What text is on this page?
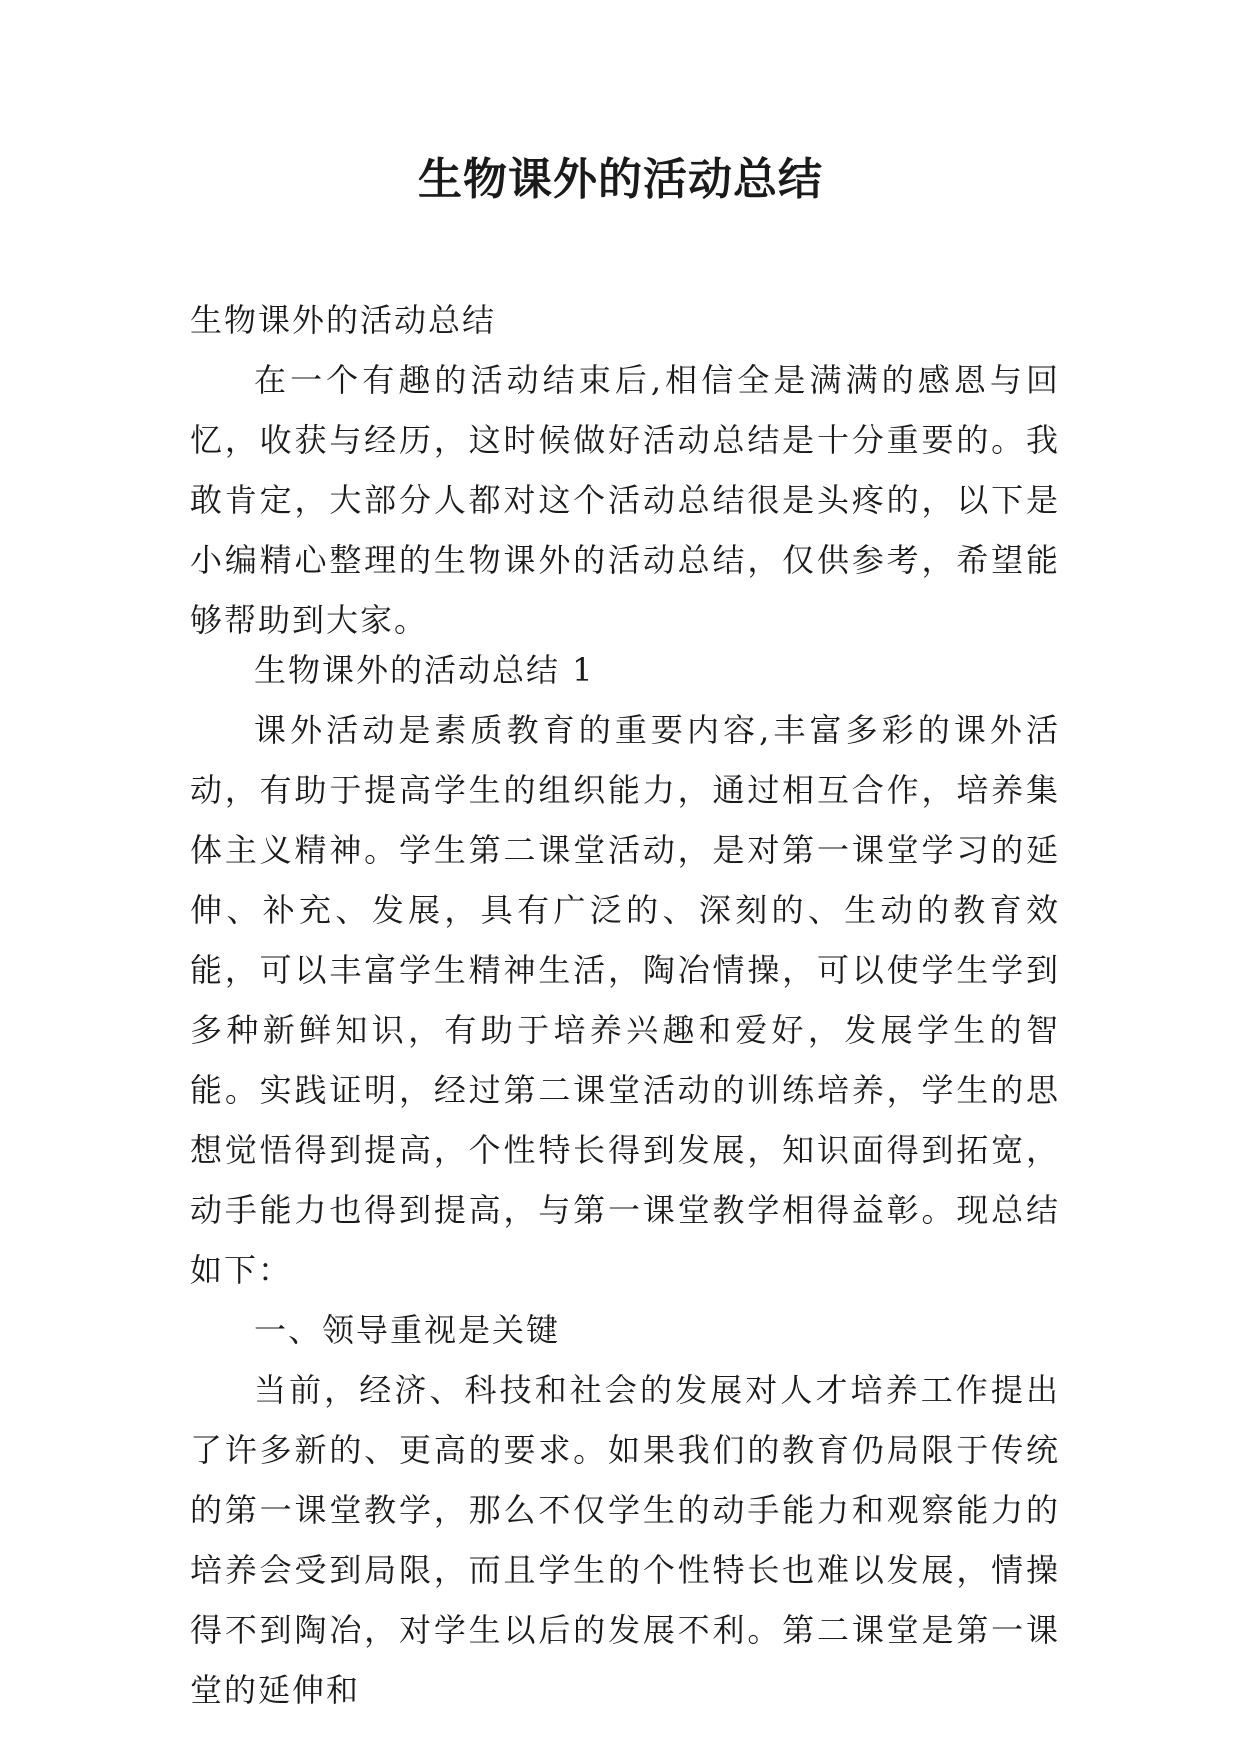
生物课外的活动总结

生物课外的活动总结

在一个有趣的活动结束后,相信全是满满的感恩与回忆，收获与经历，这时候做好活动总结是十分重要的。我敢肯定，大部分人都对这个活动总结很是头疼的，以下是小编精心整理的生物课外的活动总结，仅供参考，希望能够帮助到大家。

生物课外的活动总结 1

课外活动是素质教育的重要内容,丰富多彩的课外活动，有助于提高学生的组织能力，通过相互合作，培养集体主义精神。学生第二课堂活动，是对第一课堂学习的延伸、补充、发展，具有广泛的、深刻的、生动的教育效能，可以丰富学生精神生活，陶冶情操，可以使学生学到多种新鲜知识，有助于培养兴趣和爱好，发展学生的智能。实践证明，经过第二课堂活动的训练培养，学生的思想觉悟得到提高，个性特长得到发展，知识面得到拓宽，动手能力也得到提高，与第一课堂教学相得益彰。现总结如下：

一、领导重视是关键

当前，经济、科技和社会的发展对人才培养工作提出了许多新的、更高的要求。如果我们的教育仍局限于传统的第一课堂教学，那么不仅学生的动手能力和观察能力的培养会受到局限，而且学生的个性特长也难以发展，情操得不到陶冶，对学生以后的发展不利。第二课堂是第一课堂的延伸和
